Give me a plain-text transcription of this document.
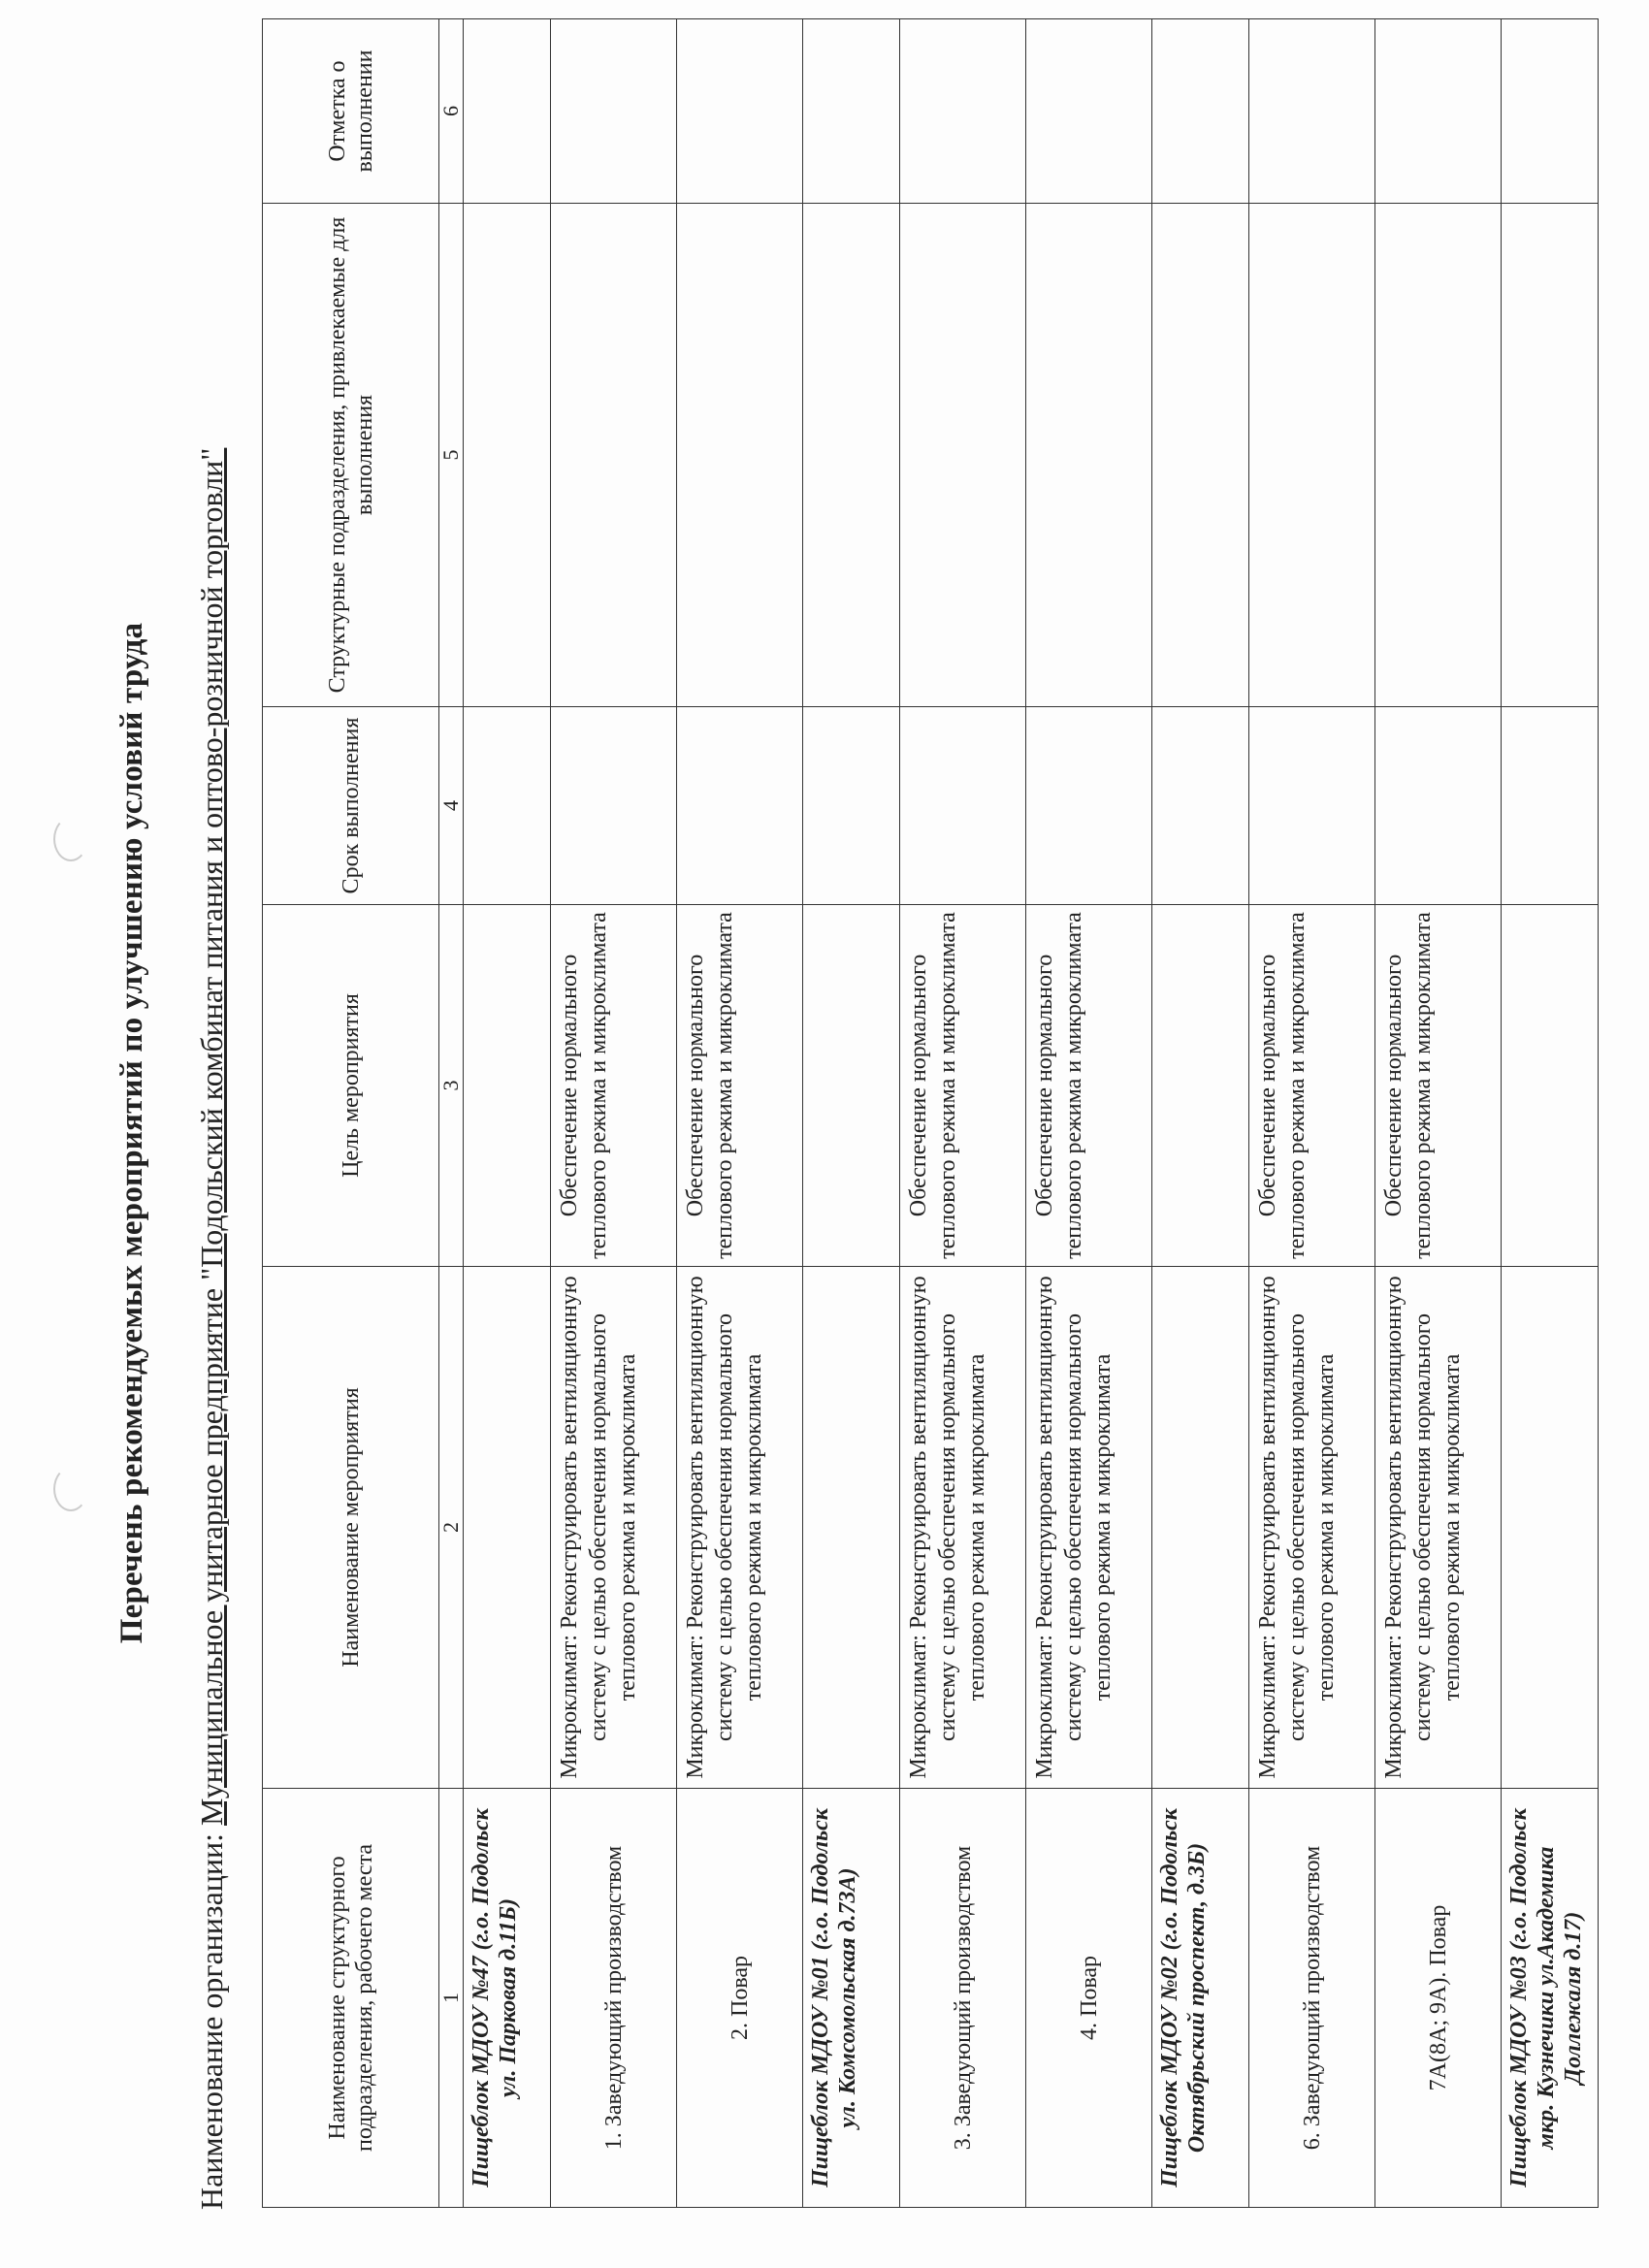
Перечень рекомендуемых мероприятий по улучшению условий труда
Наименование организации: Муниципальное унитарное предприятие "Подольский комбинат питания и оптово-розничной торговли"
Наименование структурного подразделения, рабочего места	Наименование мероприятия	Цель мероприятия	Срок выполнения	Структурные подразделения, привлекаемые для выполнения	Отметка о выполнении
1	2	3	4	5	6
Пищеблок МДОУ №47 (г.о. Подольск ул. Парковая д.11Б)					
1. Заведующий производством	Микроклимат: Реконструировать вентиляционную систему с целью обеспечения нормального теплового режима и микроклимата	Обеспечение нормального теплового режима и микроклимата			
2. Повар	Микроклимат: Реконструировать вентиляционную систему с целью обеспечения нормального теплового режима и микроклимата	Обеспечение нормального теплового режима и микроклимата			
Пищеблок МДОУ №01 (г.о. Подольск ул. Комсомольская д.73А)					
3. Заведующий производством	Микроклимат: Реконструировать вентиляционную систему с целью обеспечения нормального теплового режима и микроклимата	Обеспечение нормального теплового режима и микроклимата			
4. Повар	Микроклимат: Реконструировать вентиляционную систему с целью обеспечения нормального теплового режима и микроклимата	Обеспечение нормального теплового режима и микроклимата			
Пищеблок МДОУ №02 (г.о. Подольск Октябрьский проспект, д.3Б)					
6. Заведующий производством	Микроклимат: Реконструировать вентиляционную систему с целью обеспечения нормального теплового режима и микроклимата	Обеспечение нормального теплового режима и микроклимата			
7А(8А; 9А). Повар	Микроклимат: Реконструировать вентиляционную систему с целью обеспечения нормального теплового режима и микроклимата	Обеспечение нормального теплового режима и микроклимата			
Пищеблок МДОУ №03 (г.о. Подольск мкр. Кузнечики ул.Академика Доллежаля д.17)					
